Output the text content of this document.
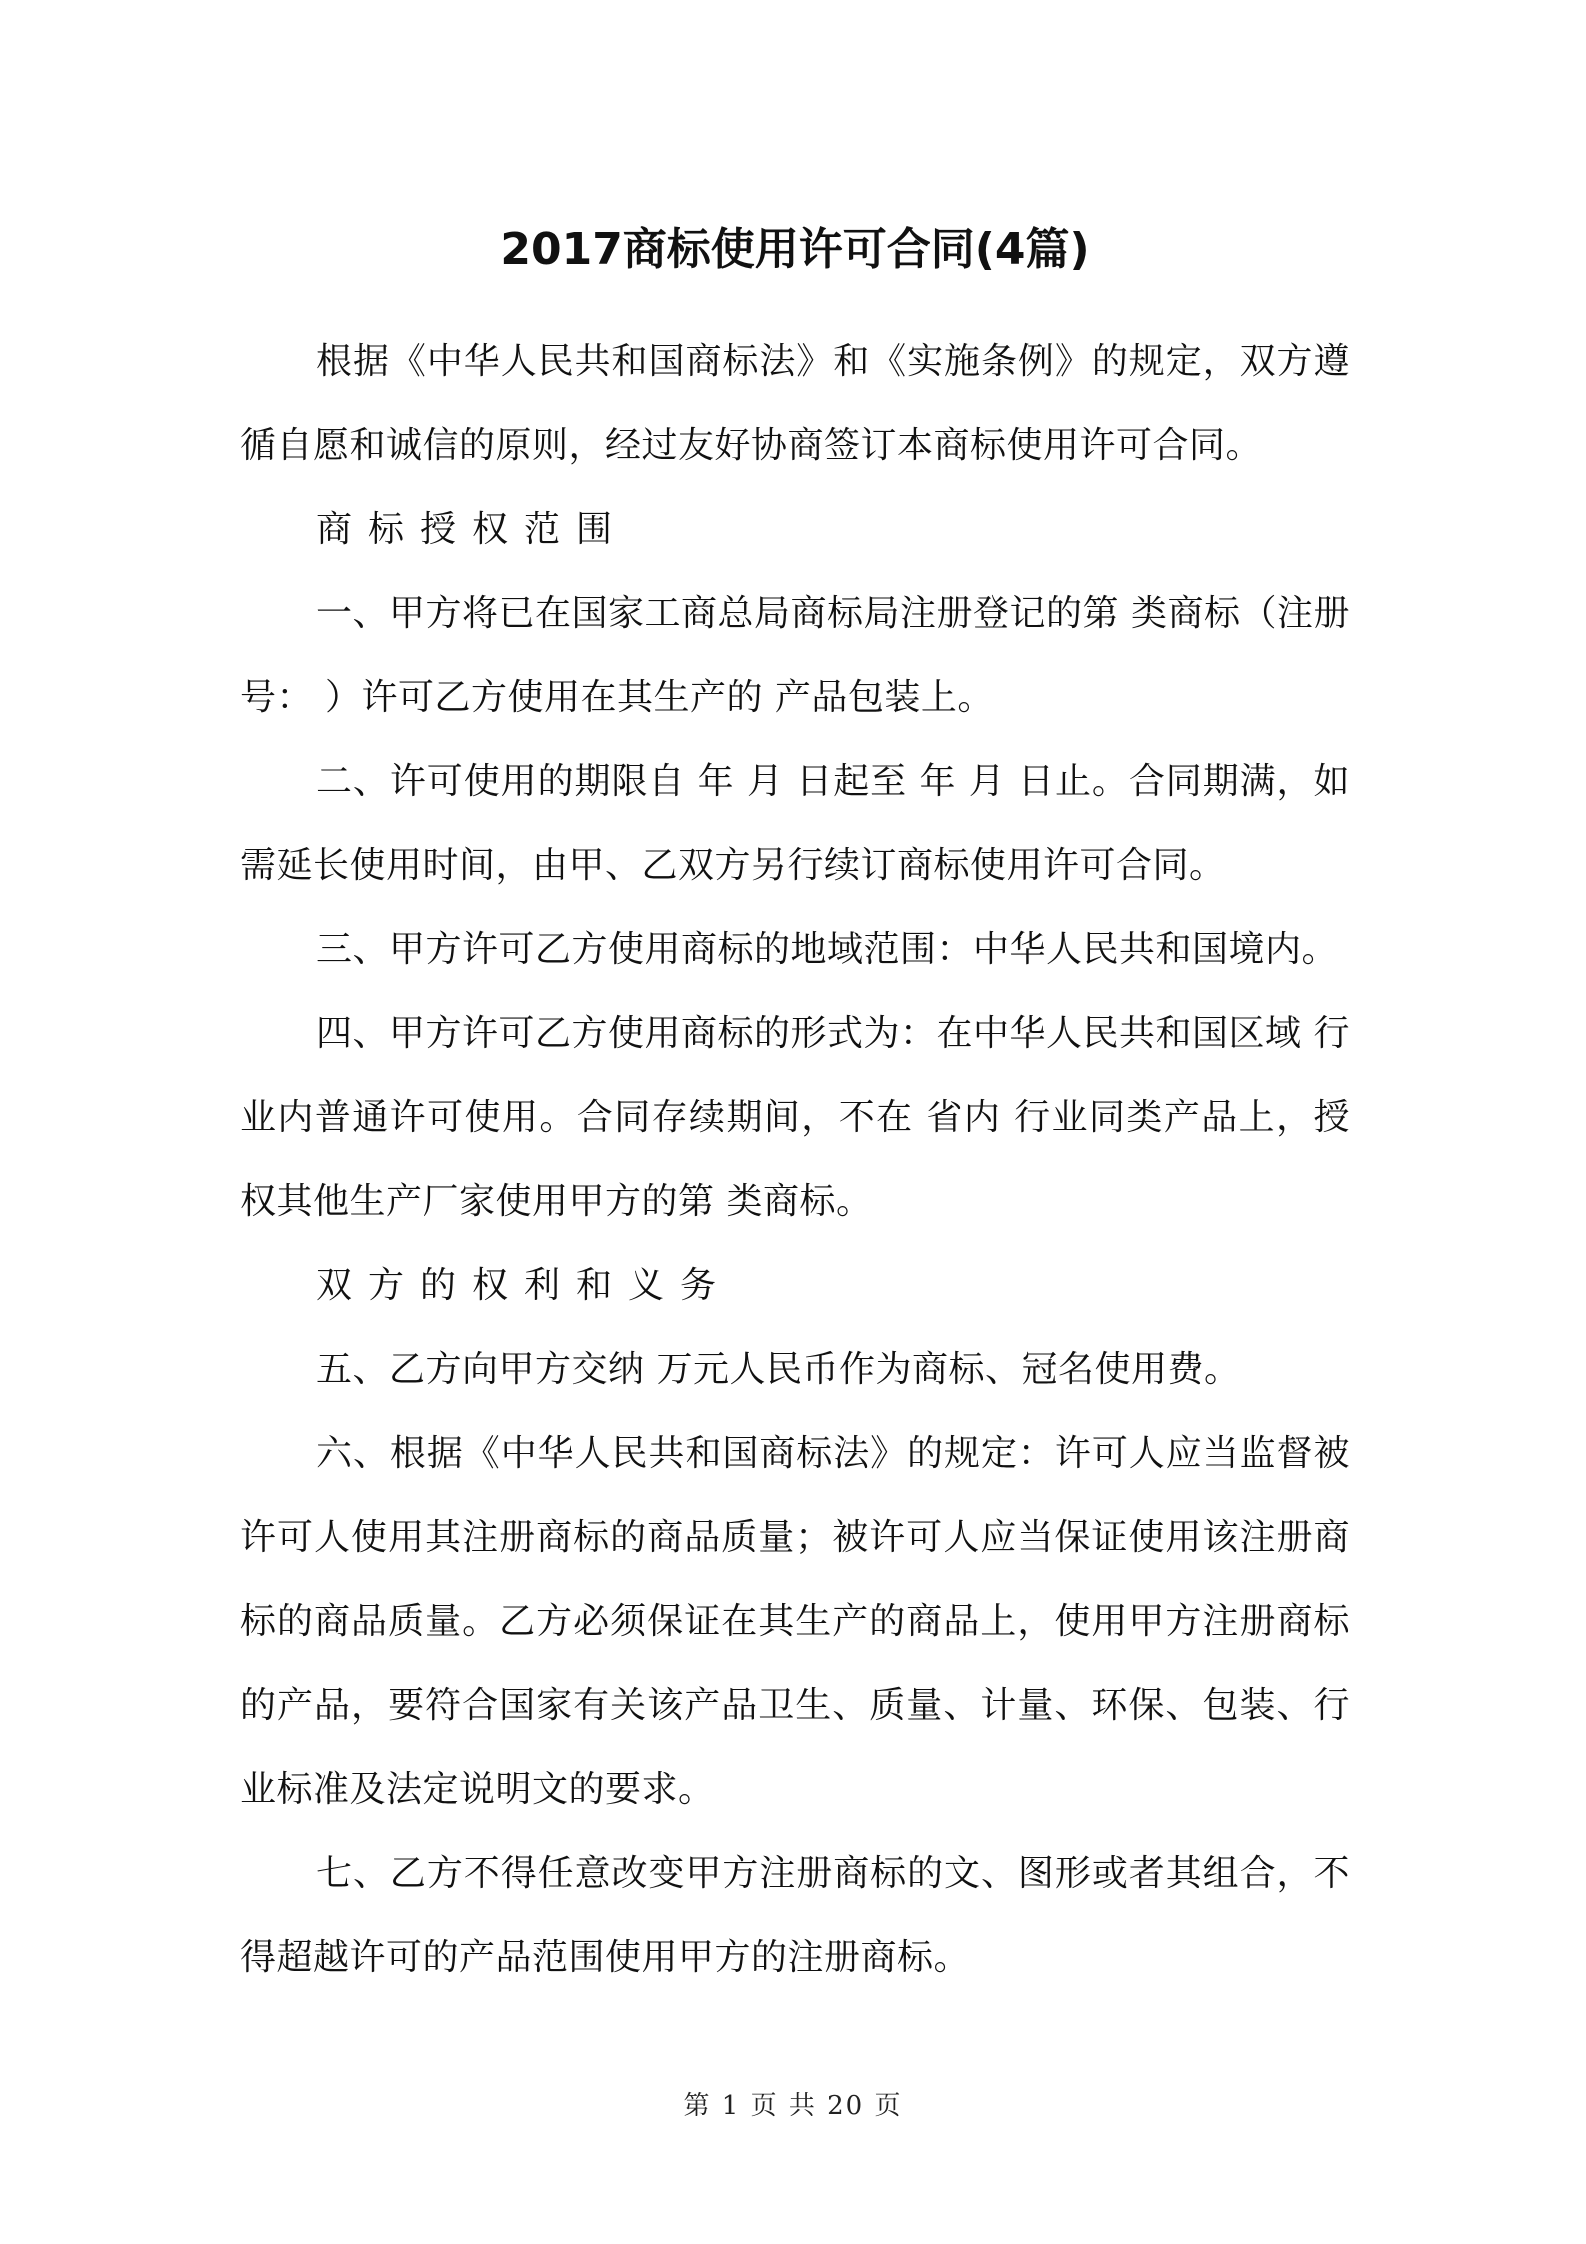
2017商标使用许可合同(4篇)

根据《中华人民共和国商标法》和《实施条例》的规定，双方遵循自愿和诚信的原则，经过友好协商签订本商标使用许可合同。

商标授权范围

一、甲方将已在国家工商总局商标局注册登记的第 类商标（注册号： ）许可乙方使用在其生产的 产品包装上。

二、许可使用的期限自 年 月 日起至 年 月 日止。合同期满，如需延长使用时间，由甲、乙双方另行续订商标使用许可合同。

三、甲方许可乙方使用商标的地域范围：中华人民共和国境内。

四、甲方许可乙方使用商标的形式为：在中华人民共和国区域 行业内普通许可使用。合同存续期间，不在 省内 行业同类产品上，授权其他生产厂家使用甲方的第 类商标。

双方的权利和义务

五、乙方向甲方交纳 万元人民币作为商标、冠名使用费。

六、根据《中华人民共和国商标法》的规定：许可人应当监督被许可人使用其注册商标的商品质量；被许可人应当保证使用该注册商标的商品质量。乙方必须保证在其生产的商品上，使用甲方注册商标的产品，要符合国家有关该产品卫生、质量、计量、环保、包装、行业标准及法定说明文的要求。

七、乙方不得任意改变甲方注册商标的文、图形或者其组合，不得超越许可的产品范围使用甲方的注册商标。

第 1 页 共 20 页
